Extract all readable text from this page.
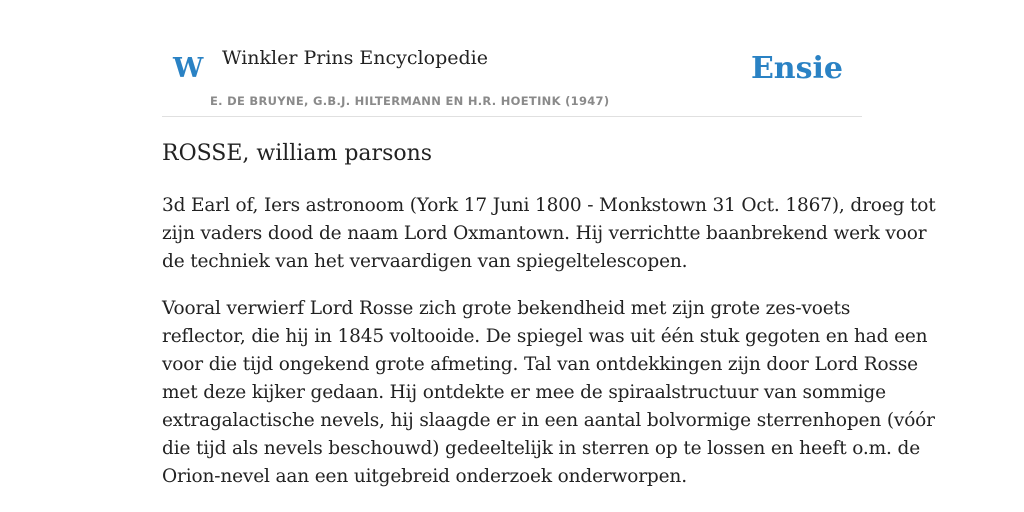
W Winkler Prins Encyclopedie
E. DE BRUYNE, G.B.J. HILTERMANN EN H.R. HOETINK (1947)
Ensie
ROSSE, william parsons

3d Earl of, Iers astronoom (York 17 Juni 1800 - Monkstown 31 Oct. 1867), droeg tot
zijn vaders dood de naam Lord Oxmantown. Hij verrichtte baanbrekend werk voor
de techniek van het vervaardigen van spiegeltelescopen.

Vooral verwierf Lord Rosse zich grote bekendheid met zijn grote zes-voets
reflector, die hij in 1845 voltooide. De spiegel was uit één stuk gegoten en had een
voor die tijd ongekend grote afmeting. Tal van ontdekkingen zijn door Lord Rosse
met deze kijker gedaan. Hij ontdekte er mee de spiraalstructuur van sommige
extragalactische nevels, hij slaagde er in een aantal bolvormige sterrenhopen (vóór
die tijd als nevels beschouwd) gedeeltelijk in sterren op te lossen en heeft o.m. de
Orion-nevel aan een uitgebreid onderzoek onderworpen.
